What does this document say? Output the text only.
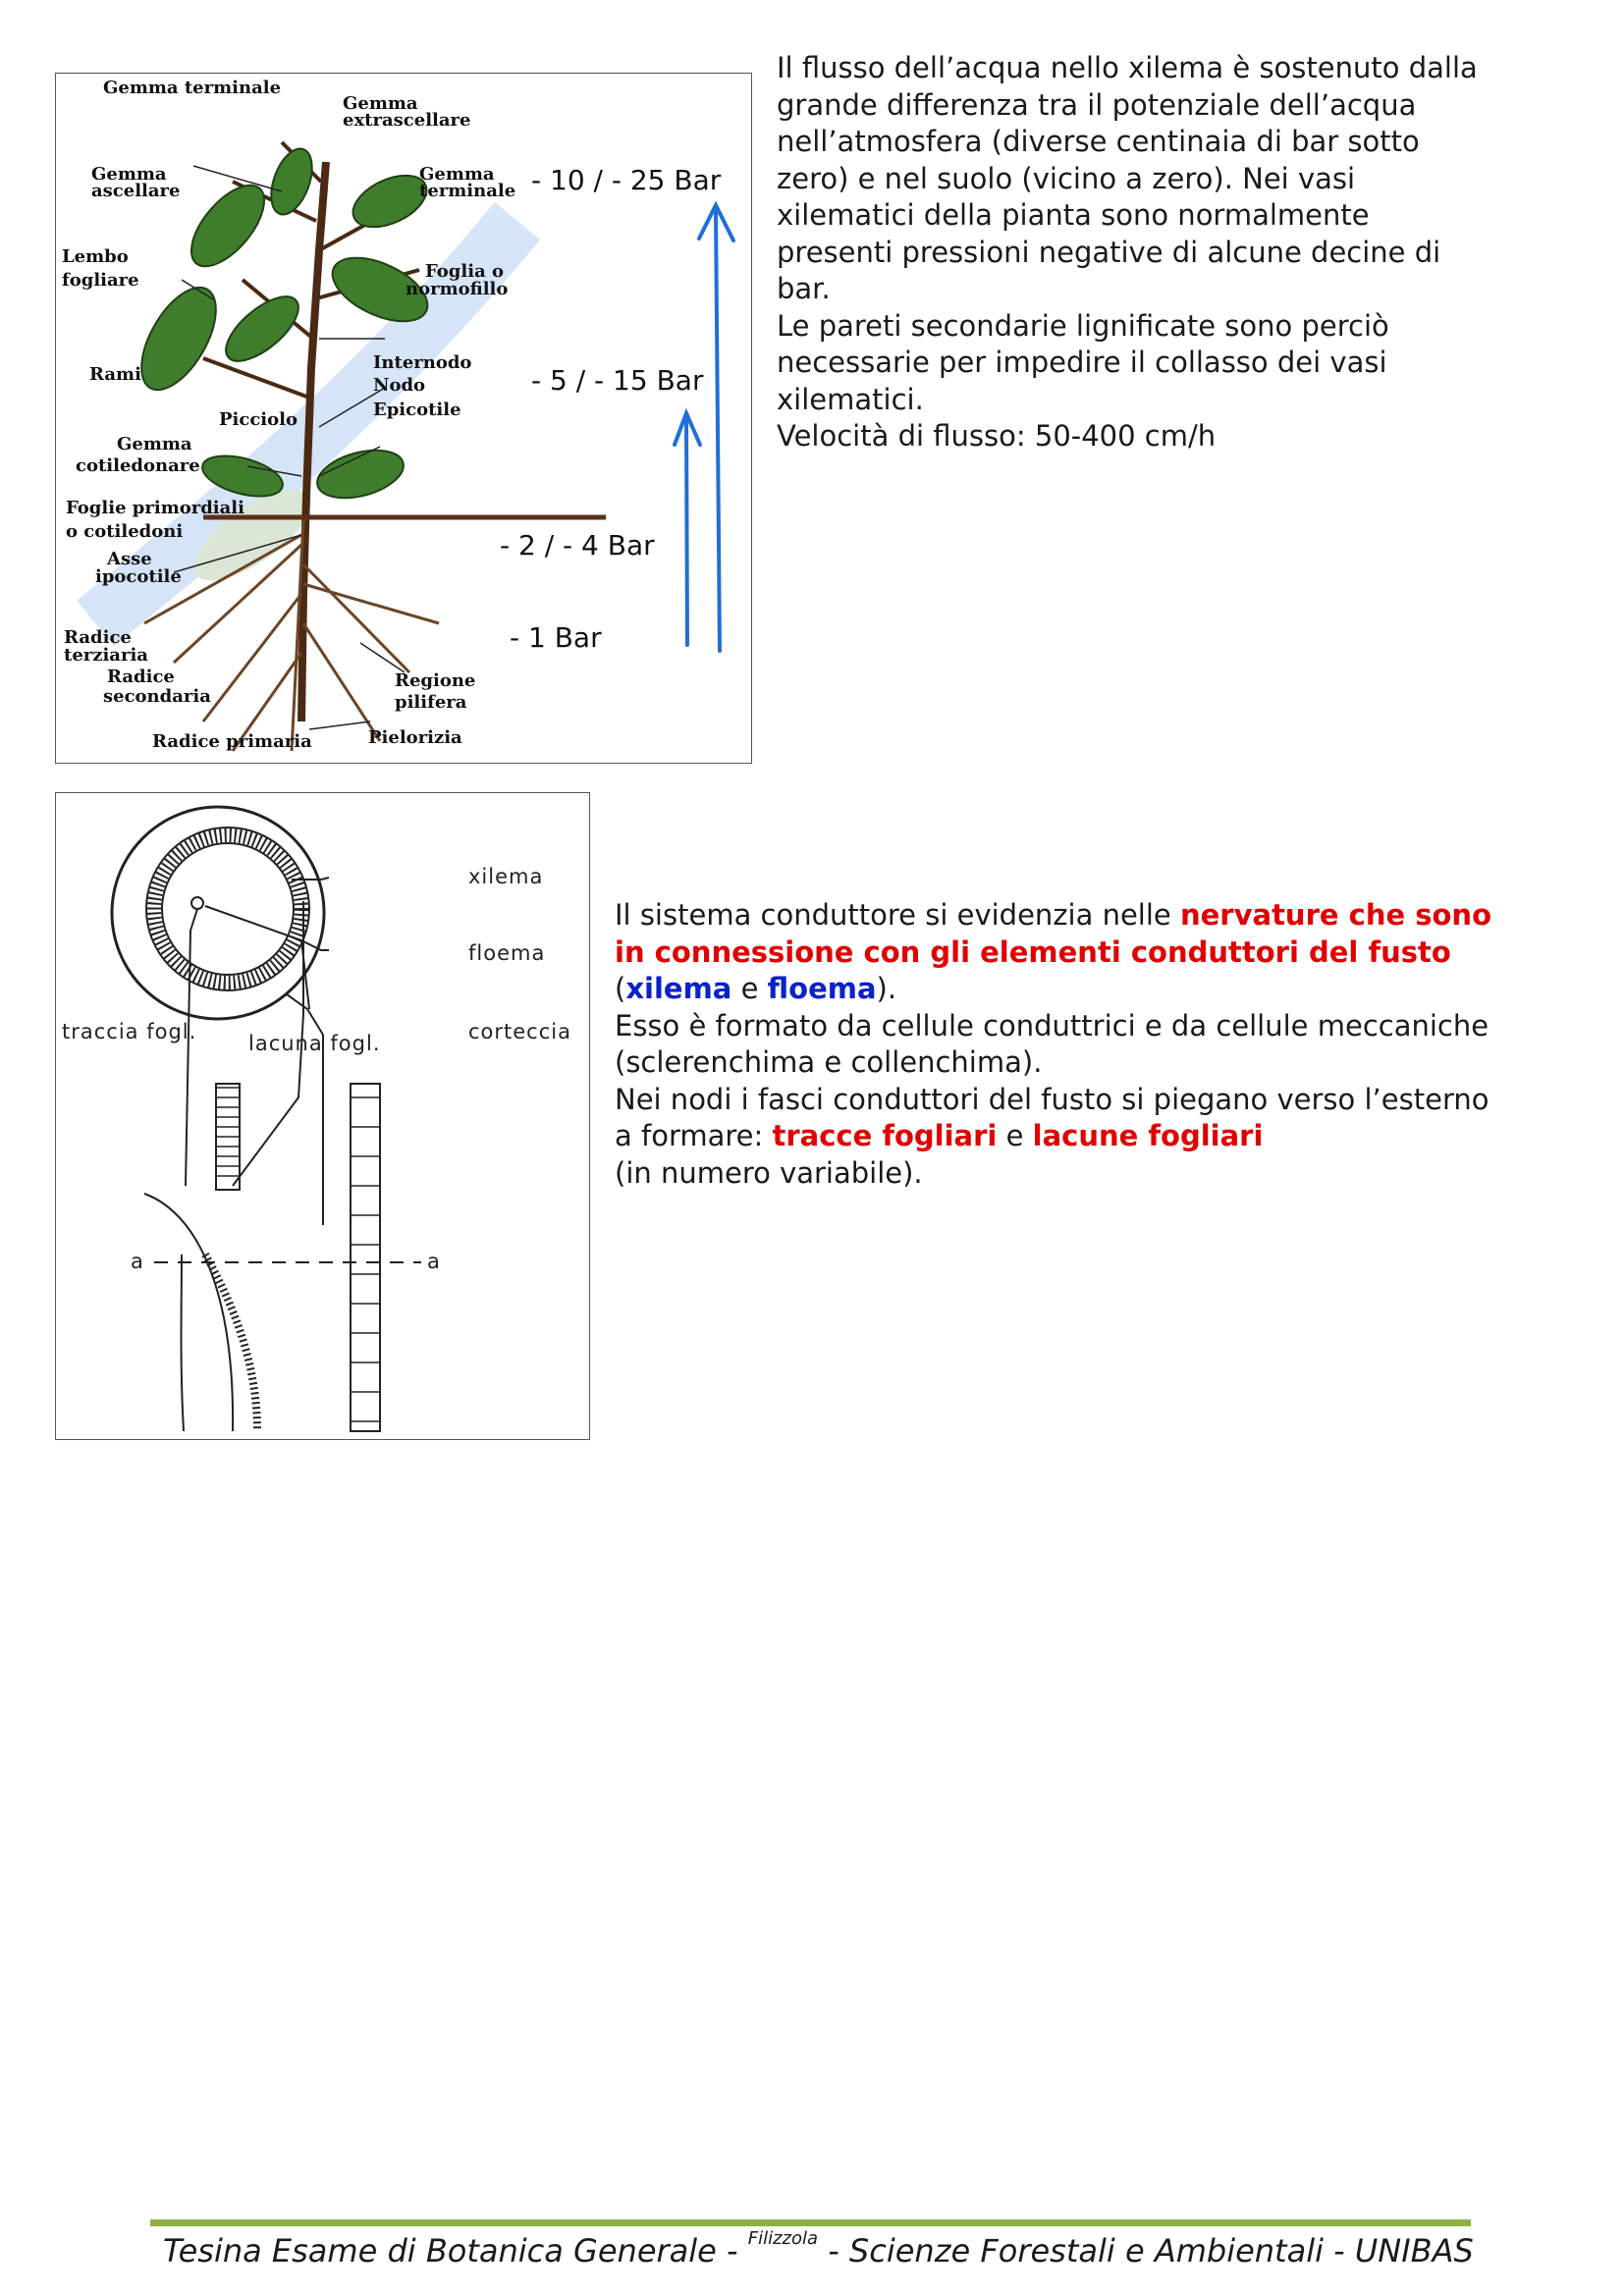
Gemma terminale
Gemma
extrascellare
Gemma
ascellare
Gemma
terminale
Lembo
fogliare	Foglia o
normofillo
Internodo
Nodo
Rami
Epicotile
Picciolo
Gemma
cotiledonare
Foglie primordiali
o cotiledoni
Asse
ipocotile
Radice
terziaria
Radice
secondaria
Regione
pilifera
Radice primaria	Pielorizia
- 10 / - 25 Bar
- 5 / - 15 Bar
- 2 / - 4 Bar
- 1 Bar
Il flusso dell’acqua nello xilema è sostenuto dalla grande differenza tra il potenziale dell’acqua nell’atmosfera (diverse centinaia di bar sotto zero) e nel suolo (vicino a zero). Nei vasi xilematici della pianta sono normalmente presenti pressioni negative di alcune decine di bar.
Le pareti secondarie lignificate sono perciò necessarie per impedire il collasso dei vasi xilematici.
Velocità di flusso: 50-400 cm/h
xilema
floema
corteccia
traccia fogl.	lacuna fogl.
a	a
Il sistema conduttore si evidenzia nelle nervature che sono in connessione con gli elementi conduttori del fusto (xilema e floema).
Esso è formato da cellule conduttrici e da cellule meccaniche (sclerenchima e collenchima).
Nei nodi i fasci conduttori del fusto si piegano verso l’esterno a formare: tracce fogliari e lacune fogliari
(in numero variabile).
Tesina Esame di Botanica Generale - $^{Filizzola}$ - Scienze Forestali e Ambientali - UNIBAS
